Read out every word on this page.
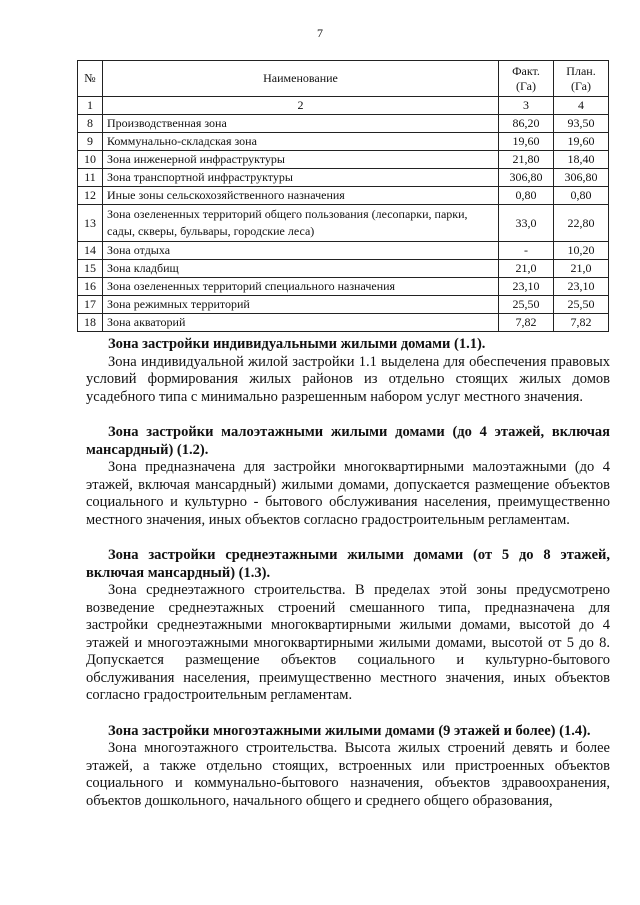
7
№	Наименование	Факт. (Га)	План. (Га)
1	2	3	4
8	Производственная зона	86,20	93,50
9	Коммунально-складская зона	19,60	19,60
10	Зона инженерной инфраструктуры	21,80	18,40
11	Зона транспортной инфраструктуры	306,80	306,80
12	Иные зоны сельскохозяйственного назначения	0,80	0,80
13	Зона озелененных территорий общего пользования (лесопарки, парки, сады, скверы, бульвары, городские леса)	33,0	22,80
14	Зона отдыха	-	10,20
15	Зона кладбищ	21,0	21,0
16	Зона озелененных территорий специального назначения	23,10	23,10
17	Зона режимных территорий	25,50	25,50
18	Зона акваторий	7,82	7,82

Зона застройки индивидуальными жилыми домами (1.1).

Зона индивидуальной жилой застройки 1.1 выделена для обеспечения правовых условий формирования жилых районов из отдельно стоящих жилых домов усадебного типа с минимально разрешенным набором услуг местного значения.

Зона застройки малоэтажными жилыми домами (до 4 этажей, включая мансардный) (1.2).

Зона предназначена для застройки многоквартирными малоэтажными (до 4 этажей, включая мансардный) жилыми домами, допускается размещение объектов социального и культурно - бытового обслуживания населения, преимущественно местного значения, иных объектов согласно градостроительным регламентам.

Зона застройки среднеэтажными жилыми домами (от 5 до 8 этажей, включая мансардный) (1.3).

Зона среднеэтажного строительства. В пределах этой зоны предусмотрено возведение среднеэтажных строений смешанного типа, предназначена для застройки среднеэтажными многоквартирными жилыми домами, высотой до 4 этажей и многоэтажными многоквартирными жилыми домами, высотой от 5 до 8. Допускается размещение объектов социального и культурно-бытового обслуживания населения, преимущественно местного значения, иных объектов согласно градостроительным регламентам.

Зона застройки многоэтажными жилыми домами (9 этажей и более) (1.4).

Зона многоэтажного строительства. Высота жилых строений девять и более этажей, а также отдельно стоящих, встроенных или пристроенных объектов социального и коммунально-бытового назначения, объектов здравоохранения, объектов дошкольного, начального общего и среднего общего образования,
